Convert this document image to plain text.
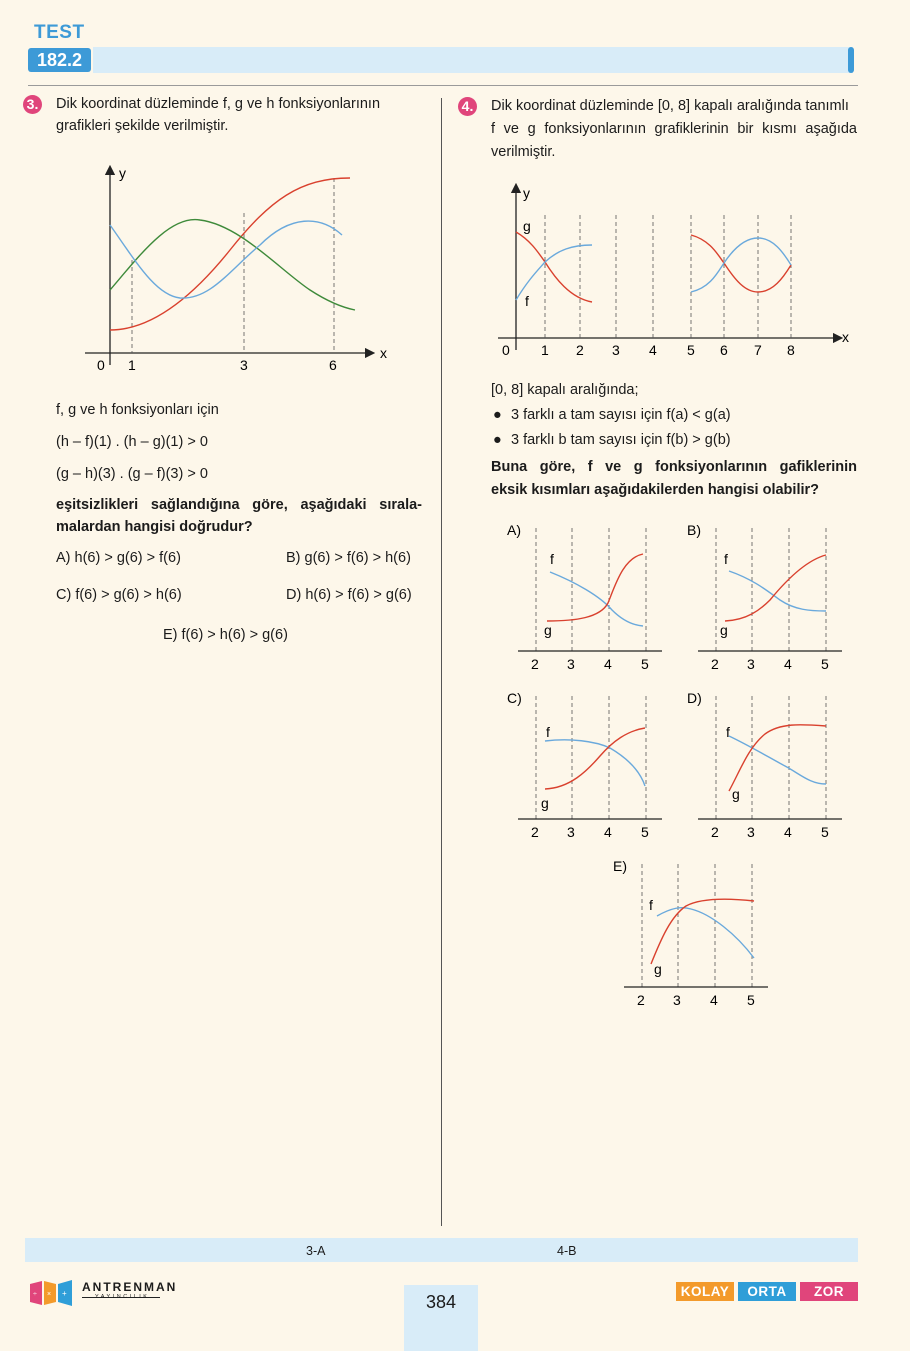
TEST
182.2
3. Dik koordinat düzleminde f, g ve h fonksiyonlarının
grafikleri şekilde verilmiştir.
y
x
0 1	3	6
f, g ve h fonksiyonları için
(h – f)(1) . (h – g)(1) > 0
(g – h)(3) . (g – f)(3) > 0
eşitsizlikleri sağlandığına göre, aşağıdaki sırala-
malardan hangisi doğrudur?
A) h(6) > g(6) > f(6)	B) g(6) > f(6) > h(6)
C) f(6) > g(6) > h(6)	D) h(6) > f(6) > g(6)
E) f(6) > h(6) > g(6)
4. Dik koordinat düzleminde [0, 8] kapalı aralığında tanımlı
f ve g fonksiyonlarının grafiklerinin bir kısmı aşağıda
verilmiştir.
y
x
g
f
0 1 2 3 4 5 6 7 8
[0, 8] kapalı aralığında;
● 3 farklı a tam sayısı için f(a) < g(a)
● 3 farklı b tam sayısı için f(b) > g(b)
Buna göre, f ve g fonksiyonlarının gafiklerinin
eksik kısımları aşağıdakilerden hangisi olabilir?
A)
f
g
2 3 4 5
B)
f
g
2 3 4 5
C)
f
g
2 3 4 5
D)
f
g
2 3 4 5
E)
f
g
2 3 4 5
3-A	4-B
÷ × + ANTRENMAN
YAYINCILIK	384
KOLAY	ORTA	ZOR
